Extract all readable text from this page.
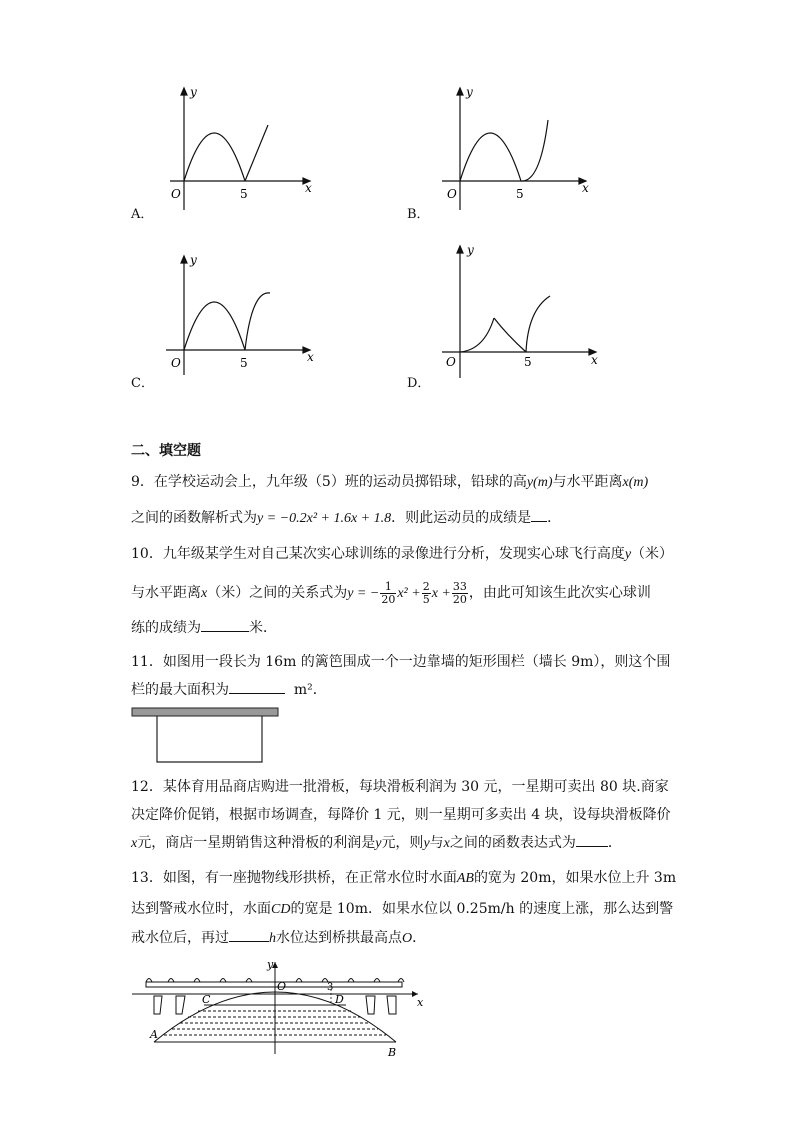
y
x
O	5
A．
y
x
O	5
B．
y
x
O	5
C．
y
x
O	5
D．
二、填空题
9．在学校运动会上，九年级（5）班的运动员掷铅球，铅球的高y(m)与水平距离x(m)
之间的函数解析式为y = −0.2x² + 1.6x + 1.8．则此运动员的成绩是 ．
10．九年级某学生对自己某次实心球训练的录像进行分析，发现实心球飞行高度y（米）
与水平距离x（米）之间的关系式为y = − $\frac{1}{20} x^2 + \frac{2}{5}$ $x + \frac{33}{20}$ ，由此可知该生此次实心球训
练的成绩为	米．
11．如图用一段长为 16m 的篱笆围成一个一边靠墙的矩形围栏（墙长 9m），则这个围
栏的最大面积为	m²．
12．某体育用品商店购进一批滑板，每块滑板利润为 30 元，一星期可卖出 80 块.商家
决定降价促销，根据市场调查，每降价 1 元，则一星期可多卖出 4 块，设每块滑板降价
x元，商店一星期销售这种滑板的利润是y元，则y与x之间的函数表达式为 ．
13．如图，有一座抛物线形拱桥，在正常水位时水面AB的宽为 20m，如果水位上升 3m
达到警戒水位时，水面CD的宽是 10m．如果水位以 0.25m/h 的速度上涨，那么达到警
戒水位后，再过	h水位达到桥拱最高点O．
y
x
O	3
A
B
C	D
